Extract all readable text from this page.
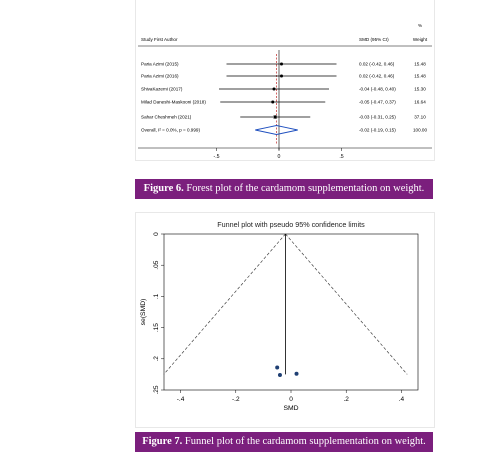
%
Study First Author	SMD (95% CI)	Weight
Paria Azimi (2015)	0.02 (-0.42, 0.46)	15.48
Paria Azimi (2016)	0.02 (-0.42, 0.46)	15.48
ShivaKazemi (2017)	-0.04 (-0.48, 0.40)	15.30
Milad Daneshi-Maskooni (2018)	-0.05 (-0.47, 0.37)	16.64
Sahar Cheshmeh (2021)	-0.03 (-0.31, 0.25)	37.10
Overall, I² = 0.0%, p = 0.999)	-0.02 (-0.19, 0.15)	100.00
-.5	0	.5
Figure 6. Forest plot of the cardamom supplementation on weight.
Funnel plot with pseudo 95% confidence limits
-.4	-.2	0	.2	.4
SMD
0
.05
.1
.15
.2
.25
se(SMD)
Figure 7. Funnel plot of the cardamom supplementation on weight.
